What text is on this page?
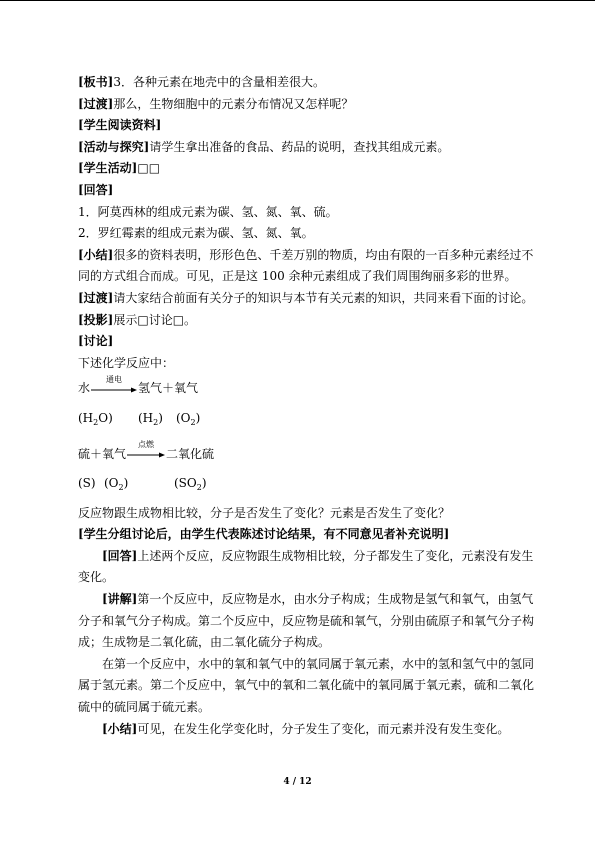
[板书]3．各种元素在地壳中的含量相差很大。
[过渡]那么，生物细胞中的元素分布情况又怎样呢？
[学生阅读资料]
[活动与探究]请学生拿出准备的食品、药品的说明，查找其组成元素。
[学生活动]□□
[回答]
1．阿莫西林的组成元素为碳、氢、氮、氧、硫。
2．罗红霉素的组成元素为碳、氢、氮、氧。
[小结]很多的资料表明，形形色色、千差万别的物质，均由有限的一百多种元素经过不同的方式组合而成。可见，正是这 100 余种元素组成了我们周围绚丽多彩的世界。
[过渡]请大家结合前面有关分子的知识与本节有关元素的知识，共同来看下面的讨论。
[投影]展示□讨论□。
[讨论]
下述化学反应中：
水
通电
氢气＋氧气
$(H_2O)$ $(H_2)$ $(O_2)$
硫＋氧气
点燃
二氧化硫
(S) $(O_2)$	$(SO_2)$
反应物跟生成物相比较，分子是否发生了变化？元素是否发生了变化？
[学生分组讨论后，由学生代表陈述讨论结果，有不同意见者补充说明]
[回答]上述两个反应，反应物跟生成物相比较，分子都发生了变化，元素没有发生变化。
[讲解]第一个反应中，反应物是水，由水分子构成；生成物是氢气和氧气，由氢气分子和氧气分子构成。第二个反应中，反应物是硫和氧气，分别由硫原子和氧气分子构成；生成物是二氧化硫，由二氧化硫分子构成。
在第一个反应中，水中的氧和氧气中的氧同属于氧元素，水中的氢和氢气中的氢同属于氢元素。第二个反应中，氧气中的氧和二氧化硫中的氧同属于氧元素，硫和二氧化硫中的硫同属于硫元素。
[小结]可见，在发生化学变化时，分子发生了变化，而元素并没有发生变化。
4 / 12
